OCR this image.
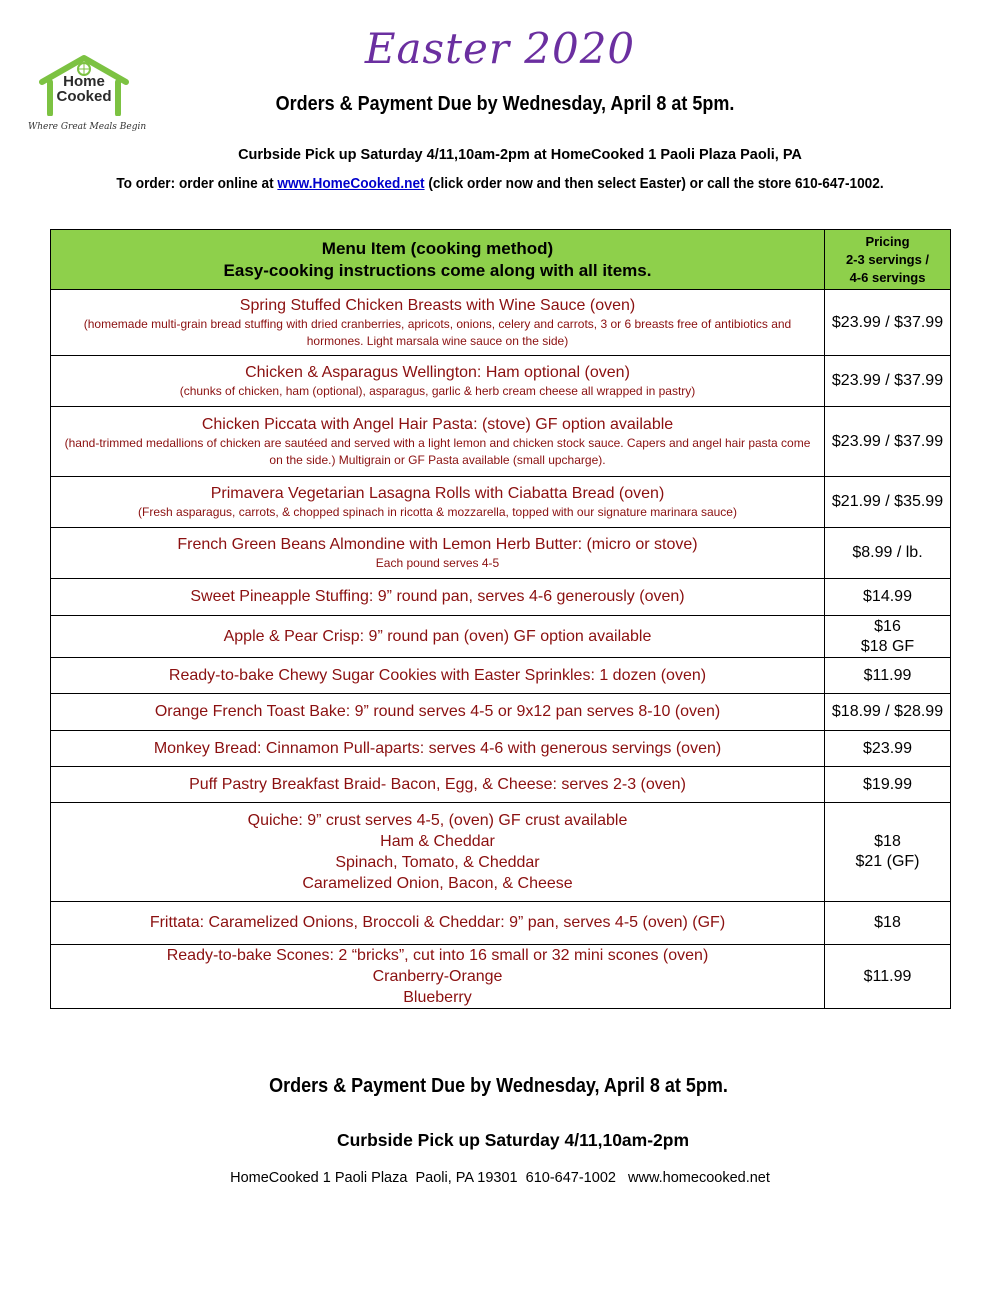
Home
Cooked
Where Great Meals Begin
Easter 2020
Orders & Payment Due by Wednesday, April 8 at 5pm.
Curbside Pick up Saturday 4/11,10am-2pm at HomeCooked 1 Paoli Plaza Paoli, PA
To order: order online at www.HomeCooked.net (click order now and then select Easter) or call the store 610-647-1002.
Menu Item (cooking method)
Easy-cooking instructions come along with all items.	Pricing
2-3 servings /
4-6 servings

Spring Stuffed Chicken Breasts with Wine Sauce (oven)
(homemade multi-grain bread stuffing with dried cranberries, apricots, onions, celery and carrots, 3 or 6 breasts free of antibiotics and hormones. Light marsala wine sauce on the side)	$23.99 / $37.99

Chicken & Asparagus Wellington: Ham optional (oven)
(chunks of chicken, ham (optional), asparagus, garlic & herb cream cheese all wrapped in pastry)	$23.99 / $37.99

Chicken Piccata with Angel Hair Pasta: (stove) GF option available
(hand-trimmed medallions of chicken are sautéed and served with a light lemon and chicken stock sauce. Capers and angel hair pasta come on the side.) Multigrain or GF Pasta available (small upcharge).	$23.99 / $37.99

Primavera Vegetarian Lasagna Rolls with Ciabatta Bread (oven)
(Fresh asparagus, carrots, & chopped spinach in ricotta & mozzarella, topped with our signature marinara sauce)	$21.99 / $35.99

French Green Beans Almondine with Lemon Herb Butter: (micro or stove)
Each pound serves 4-5	$8.99 / lb.

Sweet Pineapple Stuffing: 9” round pan, serves 4-6 generously (oven)	$14.99

Apple & Pear Crisp: 9” round pan (oven) GF option available	$16
$18 GF

Ready-to-bake Chewy Sugar Cookies with Easter Sprinkles: 1 dozen (oven)	$11.99

Orange French Toast Bake: 9” round serves 4-5 or 9x12 pan serves 8-10 (oven)	$18.99 / $28.99

Monkey Bread: Cinnamon Pull-aparts: serves 4-6 with generous servings (oven)	$23.99

Puff Pastry Breakfast Braid- Bacon, Egg, & Cheese: serves 2-3 (oven)	$19.99

Quiche: 9” crust serves 4-5, (oven) GF crust available
Ham & Cheddar
Spinach, Tomato, & Cheddar
Caramelized Onion, Bacon, & Cheese	$18
$21 (GF)

Frittata: Caramelized Onions, Broccoli & Cheddar: 9” pan, serves 4-5 (oven) (GF)	$18

Ready-to-bake Scones: 2 “bricks”, cut into 16 small or 32 mini scones (oven)
Cranberry-Orange
Blueberry	$11.99
Orders & Payment Due by Wednesday, April 8 at 5pm.
Curbside Pick up Saturday 4/11,10am-2pm
HomeCooked 1 Paoli Plaza  Paoli, PA 19301  610-647-1002   www.homecooked.net
